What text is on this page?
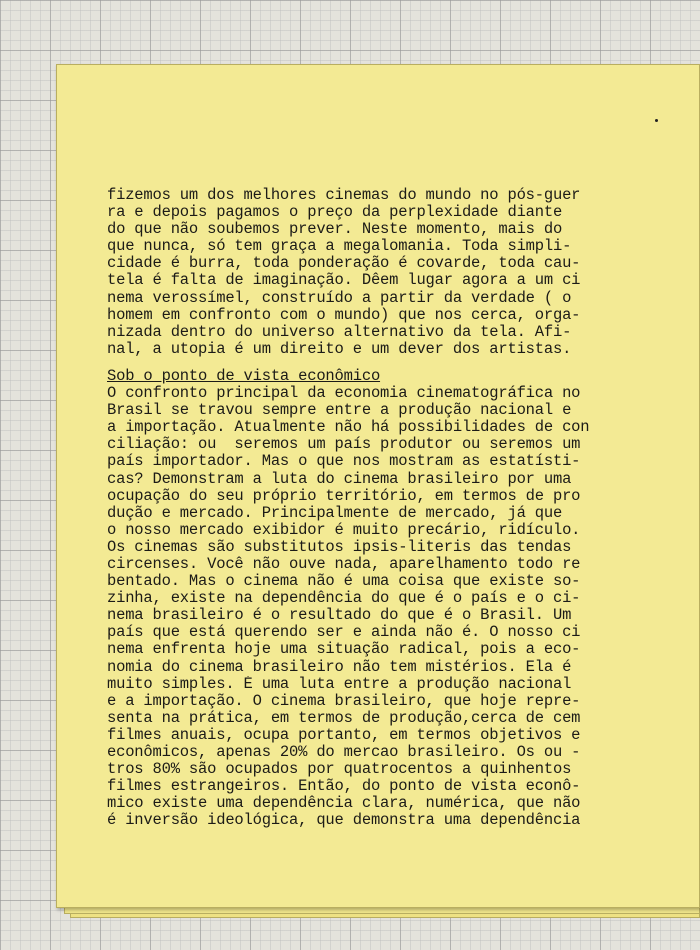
fizemos um dos melhores cinemas do mundo no pós-guer
ra e depois pagamos o preço da perplexidade diante
do que não soubemos prever. Neste momento, mais do
que nunca, só tem graça a megalomania. Toda simpli-
cidade é burra, toda ponderação é covarde, toda cau-
tela é falta de imaginação. Dêem lugar agora a um ci
nema verossímel, construído a partir da verdade ( o
homem em confronto com o mundo) que nos cerca, orga-
nizada dentro do universo alternativo da tela. Afi-
nal, a utopia é um direito e um dever dos artistas.
Sob o ponto de vista econômico
O confronto principal da economia cinematográfica no
Brasil se travou sempre entre a produção nacional e
a importação. Atualmente não há possibilidades de con
ciliação: ou  seremos um país produtor ou seremos um
país importador. Mas o que nos mostram as estatísti-
cas? Demonstram a luta do cinema brasileiro por uma
ocupação do seu próprio território, em termos de pro
dução e mercado. Principalmente de mercado, já que
o nosso mercado exibidor é muito precário, ridículo.
Os cinemas são substitutos ipsis-literis das tendas
circenses. Você não ouve nada, aparelhamento todo re
bentado. Mas o cinema não é uma coisa que existe so-
zinha, existe na dependência do que é o país e o ci-
nema brasileiro é o resultado do que é o Brasil. Um
país que está querendo ser e ainda não é. O nosso ci
nema enfrenta hoje uma situação radical, pois a eco-
nomia do cinema brasileiro não tem mistérios. Ela é
muito simples. É uma luta entre a produção nacional
e a importação. O cinema brasileiro, que hoje repre-
senta na prática, em termos de produção,cerca de cem
filmes anuais, ocupa portanto, em termos objetivos e
econômicos, apenas 20% do mercao brasileiro. Os ou -
tros 80% são ocupados por quatrocentos a quinhentos
filmes estrangeiros. Então, do ponto de vista econô-
mico existe uma dependência clara, numérica, que não
é inversão ideológica, que demonstra uma dependência
